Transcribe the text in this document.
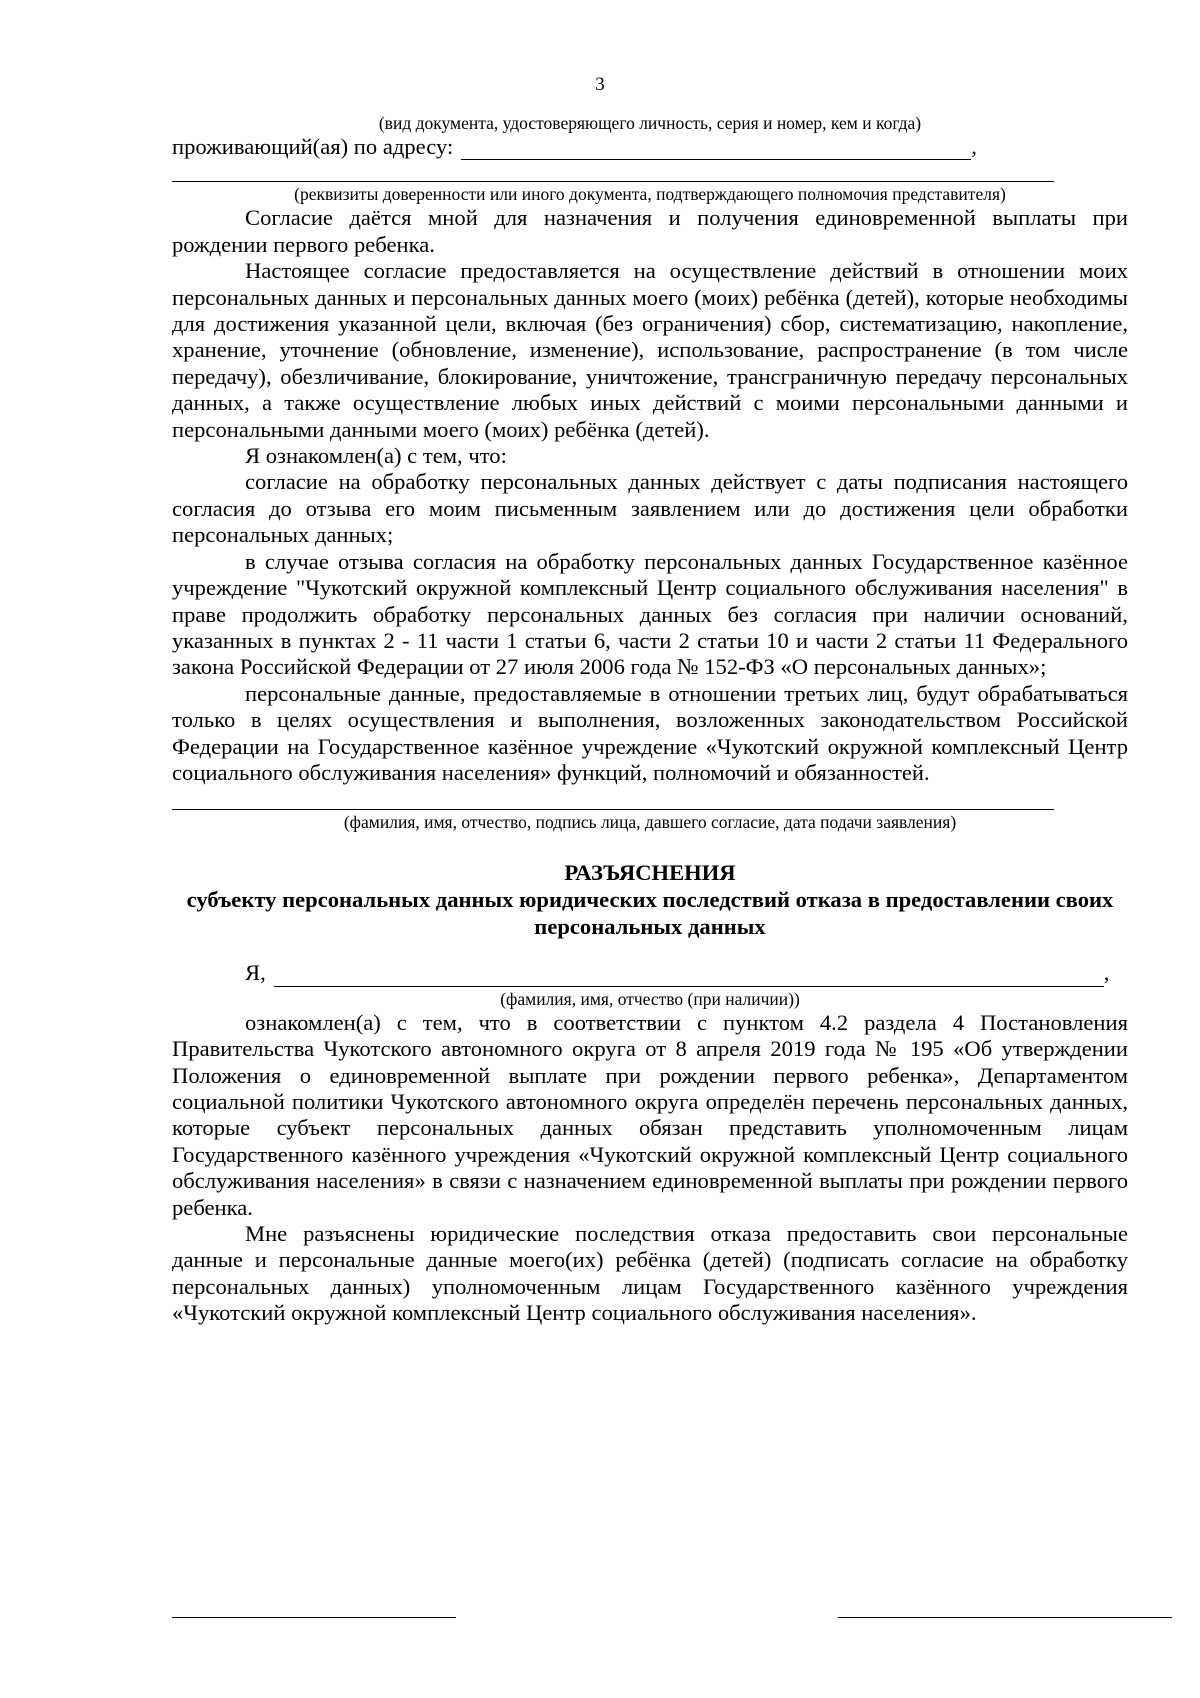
3
(вид документа, удостоверяющего личность, серия и номер, кем и когда)
проживающий(ая) по адресу:	,
(реквизиты доверенности или иного документа, подтверждающего полномочия представителя)

Согласие даётся мной для назначения и получения единовременной выплаты при рождении первого ребенка.

Настоящее согласие предоставляется на осуществление действий в отношении моих персональных данных и персональных данных моего (моих) ребёнка (детей), которые необходимы для достижения указанной цели, включая (без ограничения) сбор, систематизацию, накопление, хранение, уточнение (обновление, изменение), использование, распространение (в том числе передачу), обезличивание, блокирование, уничтожение, трансграничную передачу персональных данных, а также осуществление любых иных действий с моими персональными данными и персональными данными моего (моих) ребёнка (детей).

Я ознакомлен(а) с тем, что:

согласие на обработку персональных данных действует с даты подписания настоящего согласия до отзыва его моим письменным заявлением или до достижения цели обработки персональных данных;

в случае отзыва согласия на обработку персональных данных Государственное казённое учреждение "Чукотский окружной комплексный Центр социального обслуживания населения" в праве продолжить обработку персональных данных без согласия при наличии оснований, указанных в пунктах 2 - 11 части 1 статьи 6, части 2 статьи 10 и части 2 статьи 11 Федерального закона Российской Федерации от 27 июля 2006 года № 152-ФЗ «О персональных данных»;

персональные данные, предоставляемые в отношении третьих лиц, будут обрабатываться только в целях осуществления и выполнения, возложенных законодательством Российской Федерации на Государственное казённое учреждение «Чукотский окружной комплексный Центр социального обслуживания населения» функций, полномочий и обязанностей.

(фамилия, имя, отчество, подпись лица, давшего согласие, дата подачи заявления)
РАЗЪЯСНЕНИЯ
субъекту персональных данных юридических последствий отказа в предоставлении своих персональных данных
Я,	,
(фамилия, имя, отчество (при наличии))

ознакомлен(а) с тем, что в соответствии с пунктом 4.2 раздела 4 Постановления Правительства Чукотского автономного округа от 8 апреля 2019 года № 195 «Об утверждении Положения о единовременной выплате при рождении первого ребенка», Департаментом социальной политики Чукотского автономного округа определён перечень персональных данных, которые субъект персональных данных обязан представить уполномоченным лицам Государственного казённого учреждения «Чукотский окружной комплексный Центр социального обслуживания населения» в связи с назначением единовременной выплаты при рождении первого ребенка.

Мне разъяснены юридические последствия отказа предоставить свои персональные данные и персональные данные моего(их) ребёнка (детей) (подписать согласие на обработку персональных данных) уполномоченным лицам Государственного казённого учреждения «Чукотский окружной комплексный Центр социального обслуживания населения».
